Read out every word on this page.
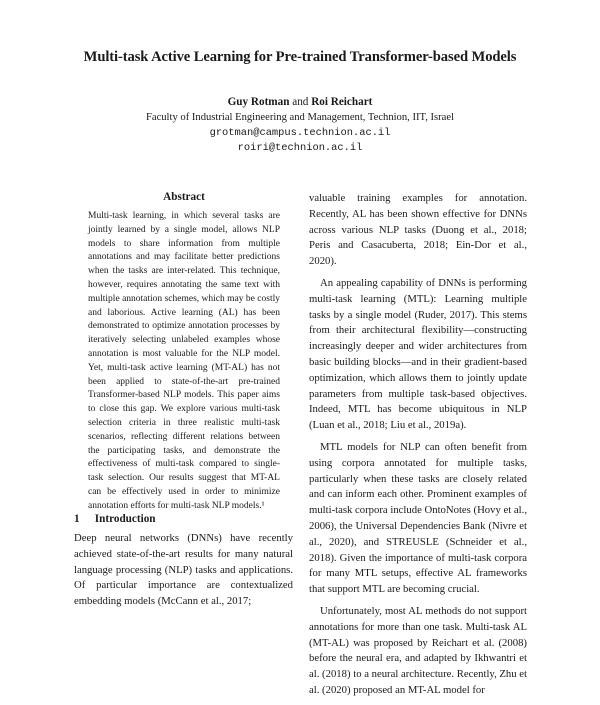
Multi-task Active Learning for Pre-trained Transformer-based Models
Guy Rotman and Roi Reichart
Faculty of Industrial Engineering and Management, Technion, IIT, Israel
grotman@campus.technion.ac.il
roiri@technion.ac.il
Abstract
Multi-task learning, in which several tasks are jointly learned by a single model, allows NLP models to share information from multiple annotations and may facilitate better predictions when the tasks are inter-related. This technique, however, requires annotating the same text with multiple annotation schemes, which may be costly and laborious. Active learning (AL) has been demonstrated to optimize annotation processes by iteratively selecting unlabeled examples whose annotation is most valuable for the NLP model. Yet, multi-task active learning (MT-AL) has not been applied to state-of-the-art pre-trained Transformer-based NLP models. This paper aims to close this gap. We explore various multi-task selection criteria in three realistic multi-task scenarios, reflecting different relations between the participating tasks, and demonstrate the effectiveness of multi-task compared to single-task selection. Our results suggest that MT-AL can be effectively used in order to minimize annotation efforts for multi-task NLP models.¹
1 Introduction
Deep neural networks (DNNs) have recently achieved state-of-the-art results for many natural language processing (NLP) tasks and applications. Of particular importance are contextualized embedding models (McCann et al., 2017;

valuable training examples for annotation. Recently, AL has been shown effective for DNNs across various NLP tasks (Duong et al., 2018; Peris and Casacuberta, 2018; Ein-Dor et al., 2020).

An appealing capability of DNNs is performing multi-task learning (MTL): Learning multiple tasks by a single model (Ruder, 2017). This stems from their architectural flexibility—constructing increasingly deeper and wider architectures from basic building blocks—and in their gradient-based optimization, which allows them to jointly update parameters from multiple task-based objectives. Indeed, MTL has become ubiquitous in NLP (Luan et al., 2018; Liu et al., 2019a).

MTL models for NLP can often benefit from using corpora annotated for multiple tasks, particularly when these tasks are closely related and can inform each other. Prominent examples of multi-task corpora include OntoNotes (Hovy et al., 2006), the Universal Dependencies Bank (Nivre et al., 2020), and STREUSLE (Schneider et al., 2018). Given the importance of multi-task corpora for many MTL setups, effective AL frameworks that support MTL are becoming crucial.

Unfortunately, most AL methods do not support annotations for more than one task. Multi-task AL (MT-AL) was proposed by Reichart et al. (2008) before the neural era, and adapted by Ikhwantri et al. (2018) to a neural architecture. Recently, Zhu et al. (2020) proposed an MT-AL model for
